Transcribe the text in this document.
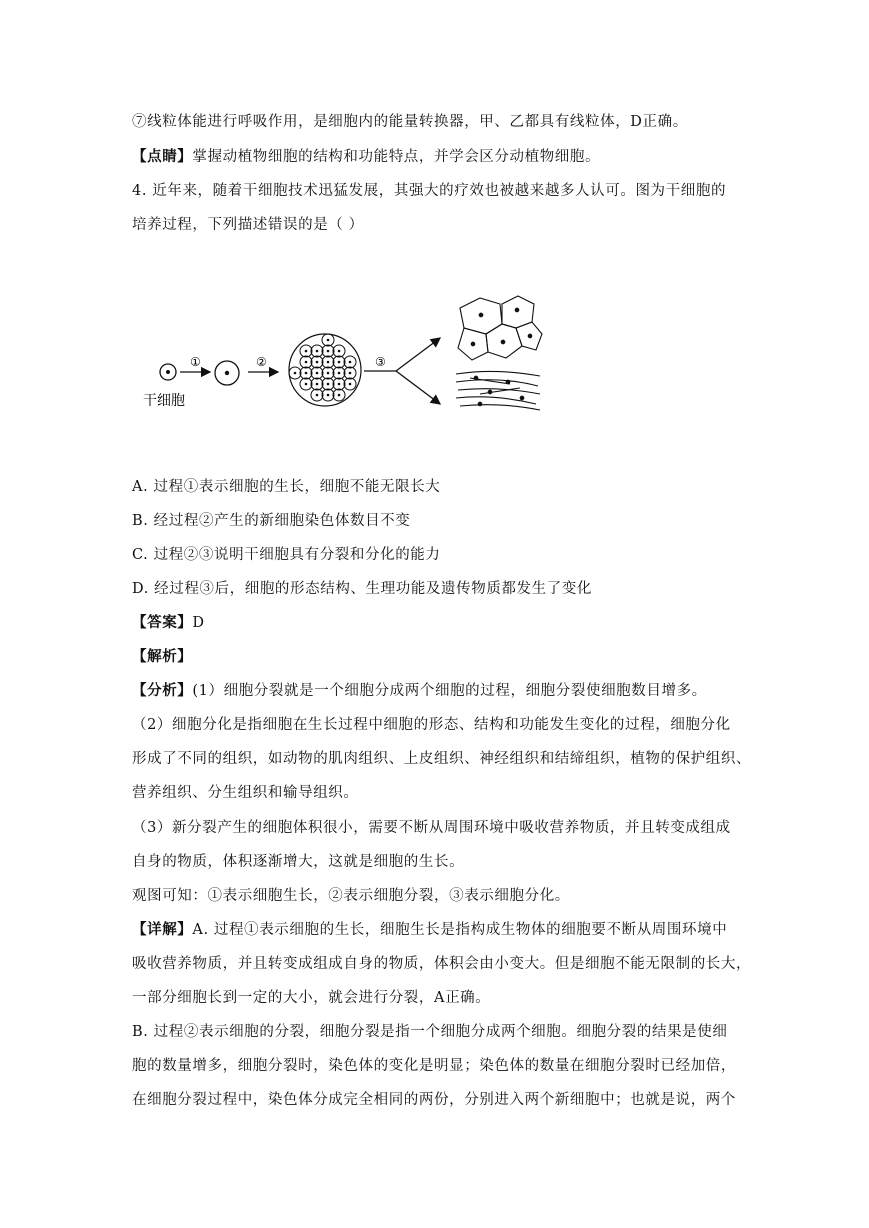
⑦线粒体能进行呼吸作用，是细胞内的能量转换器，甲、乙都具有线粒体，D正确。
【点睛】掌握动植物细胞的结构和功能特点，并学会区分动植物细胞。
4. 近年来，随着干细胞技术迅猛发展，其强大的疗效也被越来越多人认可。图为干细胞的
培养过程，下列描述错误的是（ ）
①	②	③
干细胞
A. 过程①表示细胞的生长，细胞不能无限长大
B. 经过程②产生的新细胞染色体数目不变
C. 过程②③说明干细胞具有分裂和分化的能力
D. 经过程③后，细胞的形态结构、生理功能及遗传物质都发生了变化
【答案】D
【解析】
【分析】(1）细胞分裂就是一个细胞分成两个细胞的过程，细胞分裂使细胞数目增多。
（2）细胞分化是指细胞在生长过程中细胞的形态、结构和功能发生变化的过程，细胞分化
形成了不同的组织，如动物的肌肉组织、上皮组织、神经组织和结缔组织，植物的保护组织、
营养组织、分生组织和输导组织。
（3）新分裂产生的细胞体积很小，需要不断从周围环境中吸收营养物质，并且转变成组成
自身的物质，体积逐渐增大，这就是细胞的生长。
观图可知：①表示细胞生长，②表示细胞分裂，③表示细胞分化。
【详解】A. 过程①表示细胞的生长，细胞生长是指构成生物体的细胞要不断从周围环境中
吸收营养物质，并且转变成组成自身的物质，体积会由小变大。但是细胞不能无限制的长大，
一部分细胞长到一定的大小，就会进行分裂，A正确。
B. 过程②表示细胞的分裂，细胞分裂是指一个细胞分成两个细胞。细胞分裂的结果是使细
胞的数量增多，细胞分裂时，染色体的变化是明显；染色体的数量在细胞分裂时已经加倍，
在细胞分裂过程中，染色体分成完全相同的两份，分别进入两个新细胞中；也就是说，两个
